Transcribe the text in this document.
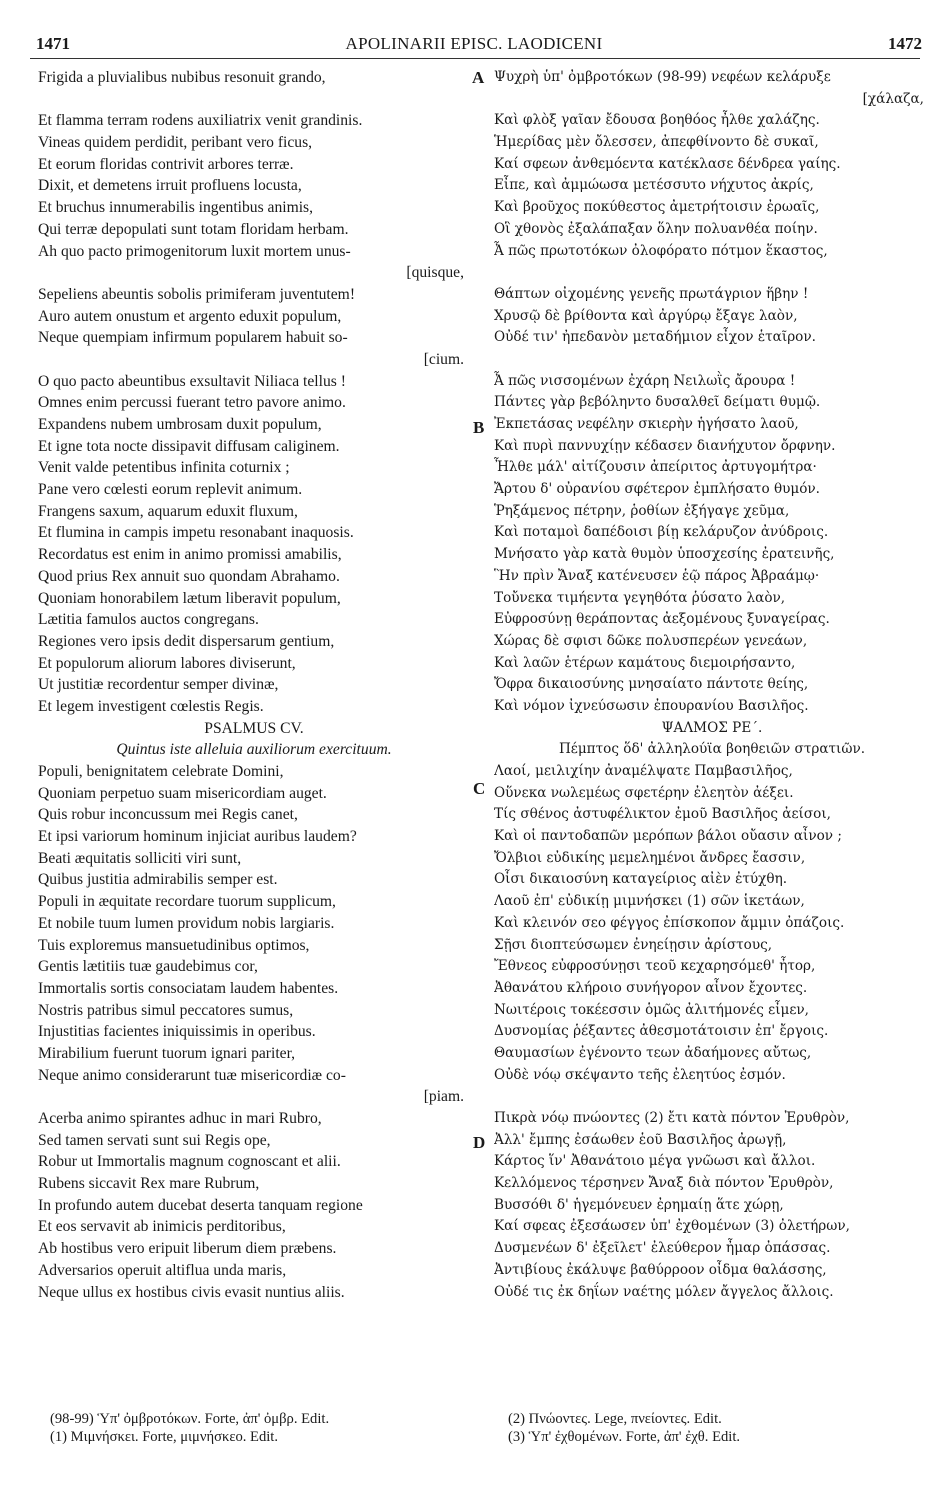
1471	APOLINARII EPISC. LAODICENI	1472
Frigida a pluvialibus nubibus resonuit grando,
Et flamma terram rodens auxiliatrix venit grandinis.
Vineas quidem perdidit, peribant vero ficus,
Et eorum floridas contrivit arbores terræ.
Dixit, et demetens irruit profluens locusta,
Et bruchus innumerabilis ingentibus animis,
Qui terræ depopulati sunt totam floridam herbam.
Ah quo pacto primogenitorum luxit mortem unus-
[quisque,
Sepeliens abeuntis sobolis primiferam juventutem!
Auro autem onustum et argento eduxit populum,
Neque quempiam infirmum popularem habuit so-
[cium.
O quo pacto abeuntibus exsultavit Niliaca tellus !
Omnes enim percussi fuerant tetro pavore animo.
Expandens nubem umbrosam duxit populum,
Et igne tota nocte dissipavit diffusam caliginem.
Venit valde petentibus infinita coturnix ;
Pane vero cœlesti eorum replevit animum.
Frangens saxum, aquarum eduxit fluxum,
Et flumina in campis impetu resonabant inaquosis.
Recordatus est enim in animo promissi amabilis,
Quod prius Rex annuit suo quondam Abrahamo.
Quoniam honorabilem lætum liberavit populum,
Lætitia famulos auctos congregans.
Regiones vero ipsis dedit dispersarum gentium,
Et populorum aliorum labores diviserunt,
Ut justitiæ recordentur semper divinæ,
Et legem investigent cœlestis Regis.
PSALMUS CV.
Quintus iste alleluia auxiliorum exercituum.
Populi, benignitatem celebrate Domini,
Quoniam perpetuo suam misericordiam auget.
Quis robur inconcussum mei Regis canet,
Et ipsi variorum hominum injiciat auribus laudem?
Beati æquitatis solliciti viri sunt,
Quibus justitia admirabilis semper est.
Populi in æquitate recordare tuorum supplicum,
Et nobile tuum lumen providum nobis largiaris.
Tuis exploremus mansuetudinibus optimos,
Gentis lætitiis tuæ gaudebimus cor,
Immortalis sortis consociatam laudem habentes.
Nostris patribus simul peccatores sumus,
Injustitias facientes iniquissimis in operibus.
Mirabilium fuerunt tuorum ignari pariter,
Neque animo considerarunt tuæ misericordiæ co-
[piam.
Acerba animo spirantes adhuc in mari Rubro,
Sed tamen servati sunt sui Regis ope,
Robur ut Immortalis magnum cognoscant et alii.
Rubens siccavit Rex mare Rubrum,
In profundo autem ducebat deserta tanquam regione
Et eos servavit ab inimicis perditoribus,
Ab hostibus vero eripuit liberum diem præbens.
Adversarios operuit altiflua unda maris,
Neque ullus ex hostibus civis evasit nuntius aliis.
Ψυχρὴ ὑπ' ὀμβροτόκων (98-99) νεφέων κελάρυξε
[χάλαζα,
Καὶ φλὸξ γαῖαν ἔδουσα βοηθόος ἦλθε χαλάζης.
Ἡμερίδας μὲν ὄλεσσεν, ἀπεφθίνοντο δὲ συκαῖ,
Καί σφεων ἀνθεμόεντα κατέκλασε δένδρεα γαίης.
Εἶπε, καὶ ἀμμώωσα μετέσσυτο νήχυτος ἀκρίς,
Καὶ βροῦχος ποκύθεστος ἀμετρήτοισιν ἐρωαῖς,
Οἳ χθονὸς ἐξαλάπαξαν ὅλην πολυανθέα ποίην.
Ἆ πῶς πρωτοτόκων ὀλοφόρατο πότμον ἕκαστος,
Θάπτων οἰχομένης γενεῆς πρωτάγριον ἥβην !
Χρυσῷ δὲ βρίθοντα καὶ ἀργύρῳ ἔξαγε λαὸν,
Οὐδέ τιν' ἠπεδανὸν μεταδήμιον εἶχον ἑταῖρον.
Ἆ πῶς νισσομένων ἐχάρη Νειλωῒς ἄρουρα !
Πάντες γὰρ βεβόληντο δυσαλθεῖ δείματι θυμῷ.
Ἐκπετάσας νεφέλην σκιερὴν ἡγήσατο λαοῦ,
Καὶ πυρὶ παννυχίῃν κέδασεν διανήχυτον ὄρφνην.
Ἦλθε μάλ' αἰτίζουσιν ἀπείριτος ἀρτυγομήτρα·
Ἄρτου δ' οὐρανίου σφέτερον ἐμπλήσατο θυμόν.
Ῥηξάμενος πέτρην, ῥοθίων ἐξήγαγε χεῦμα,
Καὶ ποταμοὶ δαπέδοισι βίῃ κελάρυζον ἀνύδροις.
Μνήσατο γὰρ κατὰ θυμὸν ὑποσχεσίης ἐρατεινῆς,
Ἣν πρὶν Ἄναξ κατένευσεν ἑῷ πάρος Ἀβραάμῳ·
Τοὔνεκα τιμήεντα γεγηθότα ῥύσατο λαὸν,
Εὐφροσύνῃ θεράποντας ἀεξομένους ξυναγείρας.
Χώρας δὲ σφισι δῶκε πολυσπερέων γενεάων,
Καὶ λαῶν ἑτέρων καμάτους διεμοιρήσαντο,
Ὄφρα δικαιοσύνης μνησαίατο πάντοτε θείης,
Καὶ νόμον ἰχνεύσωσιν ἐπουρανίου Βασιλῆος.
ΨΑΛΜΟΣ ΡΕ΄.
Πέμπτος ὅδ' ἀλληλούϊα βοηθειῶν στρατιῶν.
Λαοί, μειλιχίην ἀναμέλψατε Παμβασιλῆος,
Οὕνεκα νωλεμέως σφετέρην ἐλεητὸν ἀέξει.
Τίς σθένος ἀστυφέλικτον ἐμοῦ Βασιλῆος ἀείσοι,
Καὶ οἱ παντοδαπῶν μερόπων βάλοι οὔασιν αἶνον ;
Ὄλβιοι εὐδικίης μεμεληµένοι ἄνδρες ἔασσιν,
Οἷσι δικαιοσύνη καταγείριος αἰὲν ἐτύχθη.
Λαοῦ ἐπ' εὐδικίῃ μιμνήσκει (1) σῶν ἱκετάων,
Καὶ κλεινόν σεο φέγγος ἐπίσκοπον ἄμμιν ὀπάζοις.
Σῇσι διοπτεύσωμεν ἐνηείῃσιν ἀρίστους,
Ἔθνεος εὐφροσύνῃσι τεοῦ κεχαρησόμεθ' ἦτορ,
Ἀθανάτου κλήροιο συνήγορον αἶνον ἔχοντες.
Νωιτέροις τοκέεσσιν ὁμῶς ἀλιτήμονές εἶμεν,
Δυσνομίας ῥέξαντες ἀθεσμοτάτοισιν ἐπ' ἔργοις.
Θαυμασίων ἐγένοντο τεων ἀδαήμονες αὔτως,
Οὐδὲ νόῳ σκέψαντο τεῆς ἐλεητύος ἐσμόν.
Πικρὰ νόῳ πνώοντες (2) ἔτι κατὰ πόντον Ἐρυθρὸν,
Ἀλλ' ἔμπης ἐσάωθεν ἑοῦ Βασιλῆος ἀρωγῇ,
Κάρτος ἵν' Ἀθανάτοιο μέγα γνῶωσι καὶ ἄλλοι.
Κελλόμενος τέρσηνεν Ἄναξ διὰ πόντον Ἐρυθρὸν,
Βυσσόθι δ' ἡγεμόνευεν ἐρημαίῃ ἅτε χώρῃ,
Καί σφεας ἐξεσάωσεν ὑπ' ἐχθομένων (3) ὀλετήρων,
Δυσμενέων δ' ἐξεῖλετ' ἐλεύθερον ἦμαρ ὀπάσσας.
Ἀντιβίους ἐκάλυψε βαθύρροον οἶδμα θαλάσσης,
Οὐδέ τις ἐκ δηΐων ναέτης μόλεν ἄγγελος ἄλλοις.
A
B
C
D
(98-99) Ὑπ' ὀμβροτόκων. Forte, ἀπ' ὀμβρ. Edit.
(1) Μιμνήσκει. Forte, μιμνήσκεο. Edit.
(2) Πνώοντες. Lege, πνείοντες. Edit.
(3) Ὑπ' ἐχθομένων. Forte, ἀπ' ἐχθ. Edit.
